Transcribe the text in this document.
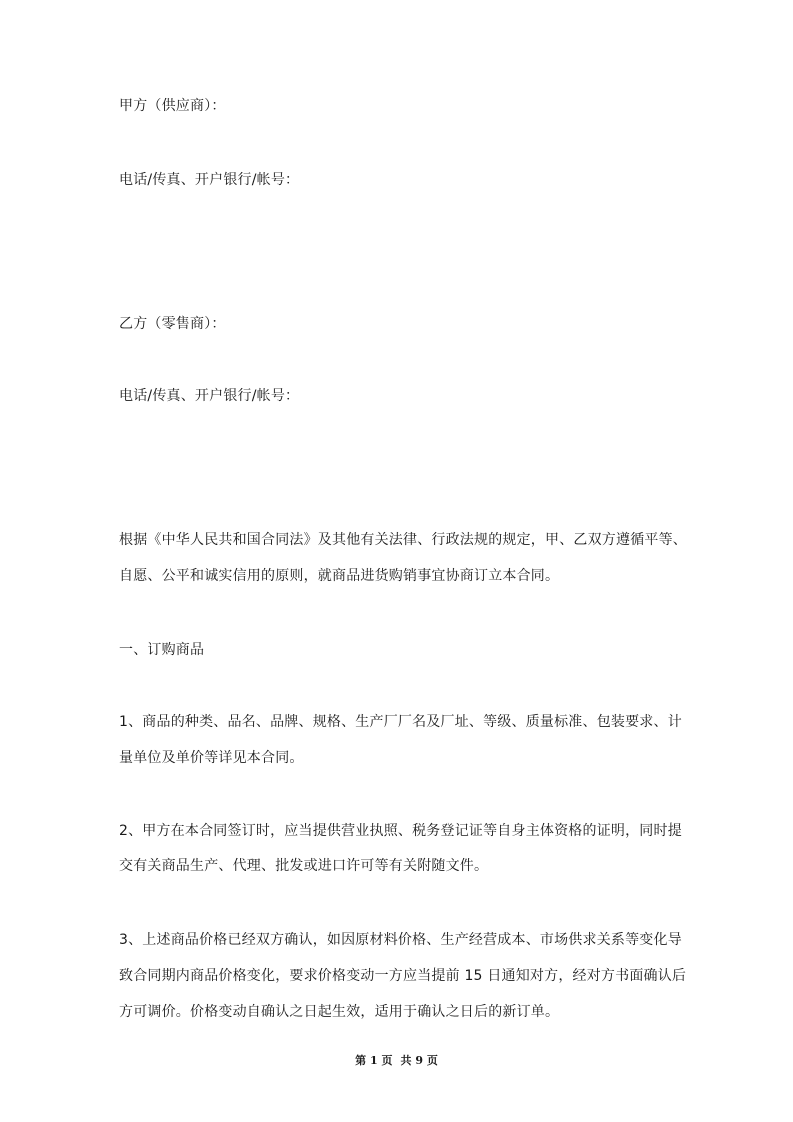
甲方（供应商）：
电话/传真、开户银行/帐号：
乙方（零售商）：
电话/传真、开户银行/帐号：
根据《中华人民共和国合同法》及其他有关法律、行政法规的规定，甲、乙双方遵循平等、
自愿、公平和诚实信用的原则，就商品进货购销事宜协商订立本合同。
一、订购商品
1、商品的种类、品名、品牌、规格、生产厂厂名及厂址、等级、质量标准、包装要求、计
量单位及单价等详见本合同。
2、甲方在本合同签订时，应当提供营业执照、税务登记证等自身主体资格的证明，同时提
交有关商品生产、代理、批发或进口许可等有关附随文件。
3、上述商品价格已经双方确认，如因原材料价格、生产经营成本、市场供求关系等变化导
致合同期内商品价格变化，要求价格变动一方应当提前 15 日通知对方，经对方书面确认后
方可调价。价格变动自确认之日起生效，适用于确认之日后的新订单。
第 1 页 共 9 页
